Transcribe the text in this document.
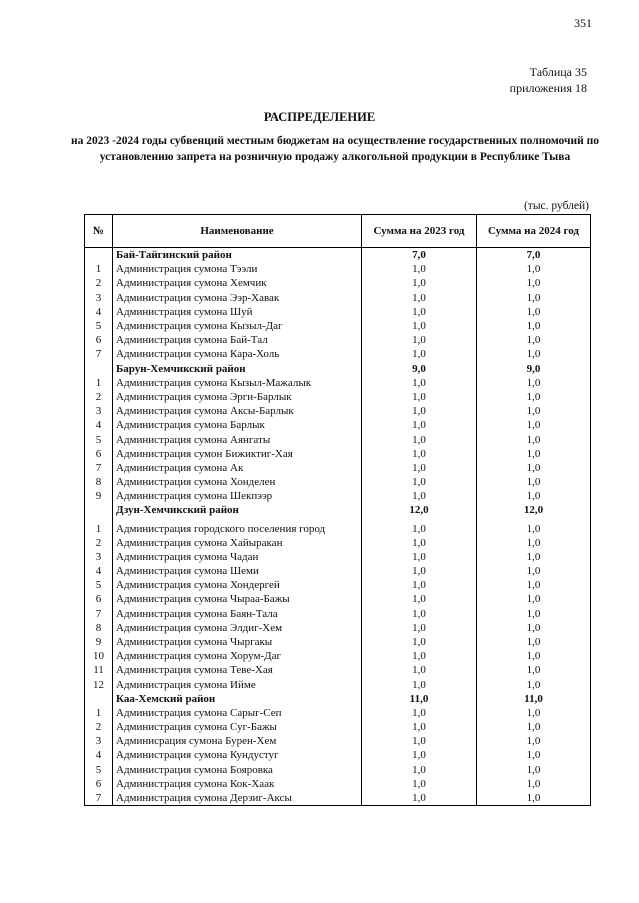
351
Таблица 35
приложения 18
РАСПРЕДЕЛЕНИЕ
на 2023 -2024 годы субвенций местным бюджетам на осуществление государственных полномочий по установлению запрета на розничную продажу алкогольной продукции в Республике Тыва
(тыс. рублей)
№	Наименование	Сумма на 2023 год	Сумма на 2024 год
	Бай-Тайгинский район	7,0	7,0
1	Администрация сумона Тээли	1,0	1,0
2	Администрация сумона Хемчик	1,0	1,0
3	Администрация сумона Ээр-Хавак	1,0	1,0
4	Администрация сумона Шуй	1,0	1,0
5	Администрация сумона Кызыл-Даг	1,0	1,0
6	Администрация сумона Бай-Тал	1,0	1,0
7	Администрация сумона Кара-Холь	1,0	1,0
	Барун-Хемчикский район	9,0	9,0
1	Администрация сумона Кызыл-Мажалык	1,0	1,0
2	Администрация сумона Эрги-Барлык	1,0	1,0
3	Администрация сумона Аксы-Барлык	1,0	1,0
4	Администрация сумона Барлык	1,0	1,0
5	Администрация сумона Аянгаты	1,0	1,0
6	Администрация сумон Бижиктиг-Хая	1,0	1,0
7	Администрация сумона Ак	1,0	1,0
8	Администрация сумона Хонделен	1,0	1,0
9	Администрация сумона Шекпээр	1,0	1,0
	Дзун-Хемчикский район	12,0	12,0
1	Администрация городского поселения город	1,0	1,0
2	Администрация сумона Хайыракан	1,0	1,0
3	Администрация сумона Чадан	1,0	1,0
4	Администрация сумона Шеми	1,0	1,0
5	Администрация сумона Хондергей	1,0	1,0
6	Администрация сумона Чыраа-Бажы	1,0	1,0
7	Администрация сумона Баян-Тала	1,0	1,0
8	Администрация сумона Элдиг-Хем	1,0	1,0
9	Администрация сумона Чыргакы	1,0	1,0
10	Администрация сумона Хорум-Даг	1,0	1,0
11	Администрация сумона Теве-Хая	1,0	1,0
12	Администрация сумона Ийме	1,0	1,0
	Каа-Хемский район	11,0	11,0
1	Администрация сумона Сарыг-Сеп	1,0	1,0
2	Администрация сумона Суг-Бажы	1,0	1,0
3	Админисрация сумона Бурен-Хем	1,0	1,0
4	Администрация сумона Кундустуг	1,0	1,0
5	Администрация сумона Бояровка	1,0	1,0
6	Администрация сумона Кок-Хаак	1,0	1,0
7	Администрация сумона Дерзиг-Аксы	1,0	1,0
